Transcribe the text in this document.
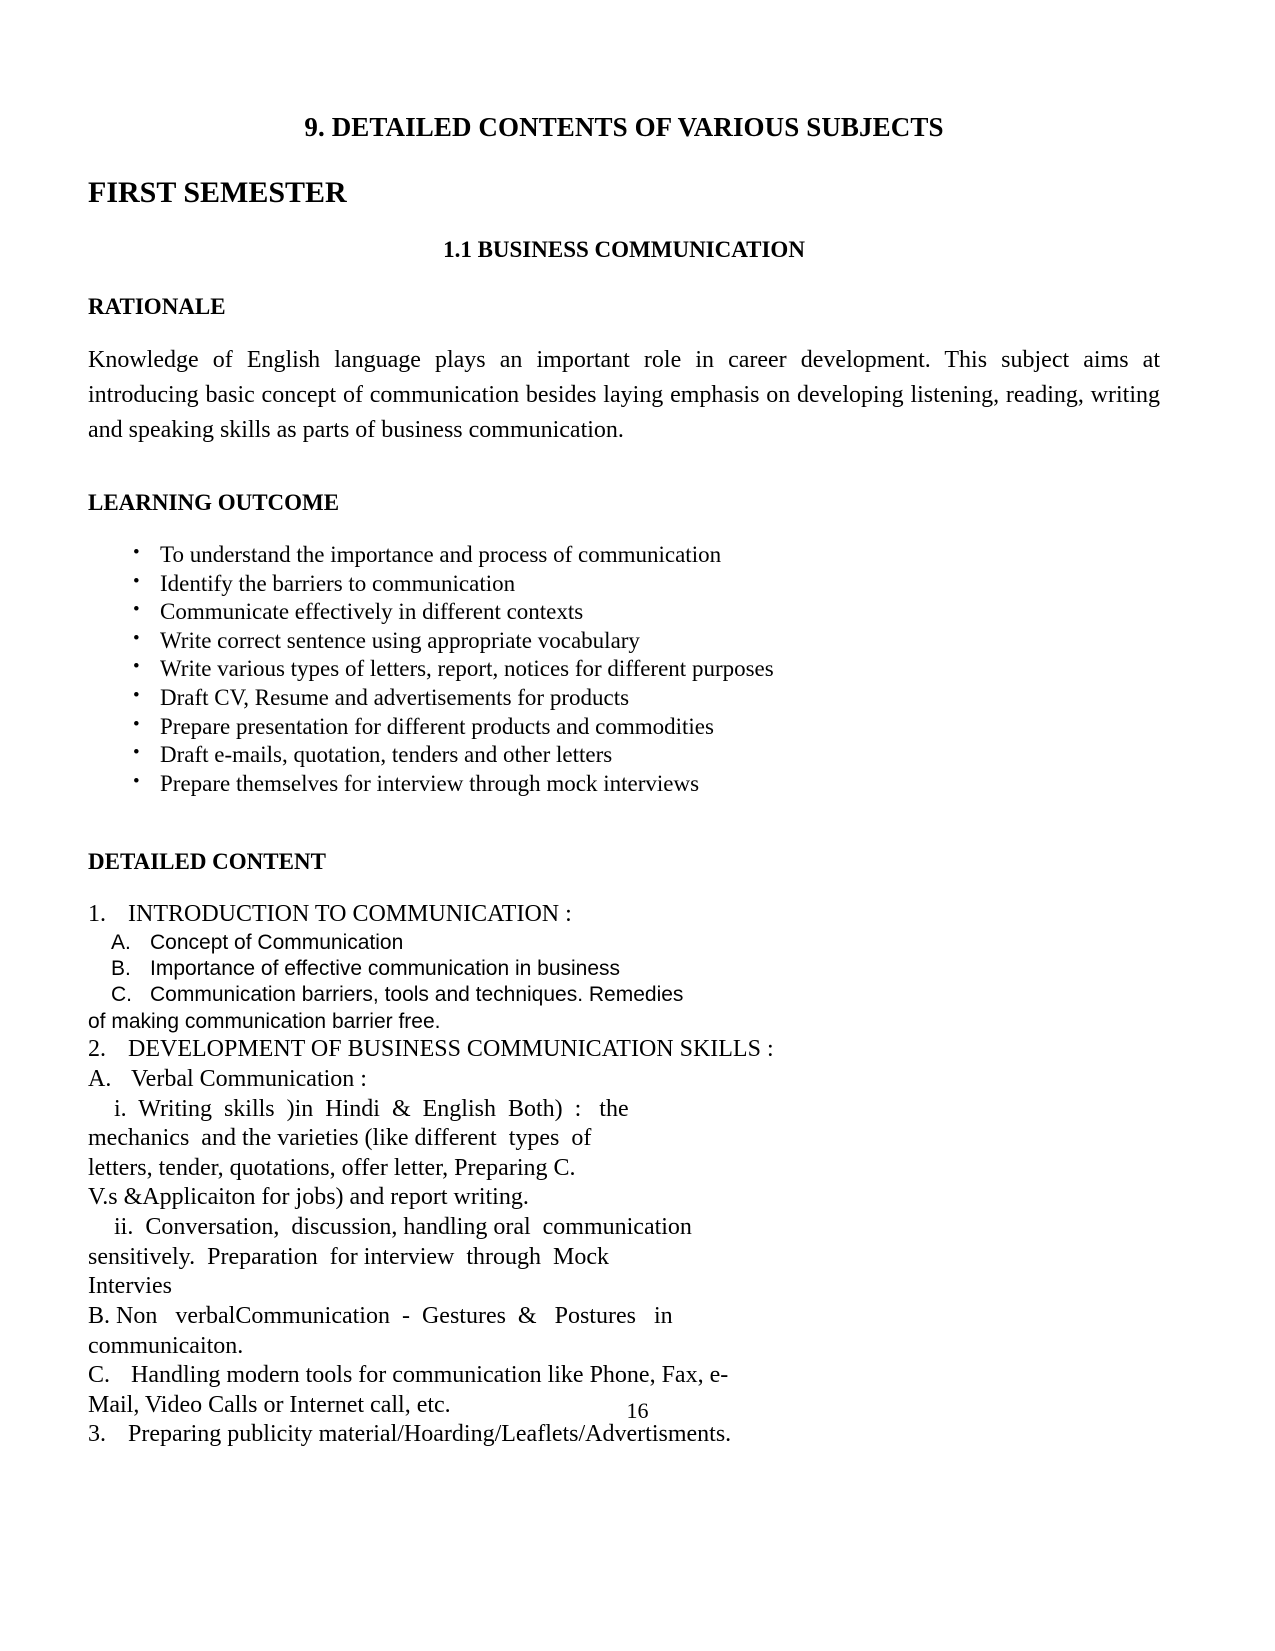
9. DETAILED CONTENTS OF VARIOUS SUBJECTS
FIRST SEMESTER
1.1 BUSINESS COMMUNICATION
RATIONALE

Knowledge of English language plays an important role in career development. This subject aims at introducing basic concept of communication besides laying emphasis on developing listening, reading, writing and speaking skills as parts of business communication.

LEARNING OUTCOME
• To understand the importance and process of communication
• Identify the barriers to communication
• Communicate effectively in different contexts
• Write correct sentence using appropriate vocabulary
• Write various types of letters, report, notices for different purposes
• Draft CV, Resume and advertisements for products
• Prepare presentation for different products and commodities
• Draft e-mails, quotation, tenders and other letters
• Prepare themselves for interview through mock interviews
DETAILED CONTENT

1. INTRODUCTION TO COMMUNICATION :

A. Concept of Communication

B. Importance of effective communication in business

C. Communication barriers, tools and techniques. Remedies

of making communication barrier free.

2. DEVELOPMENT OF BUSINESS COMMUNICATION SKILLS :

A. Verbal Communication :

i. Writing  skills  )in  Hindi  &  English  Both)  :   the

mechanics  and the varieties (like different  types  of

letters, tender, quotations, offer letter, Preparing C.

V.s &Applicaiton for jobs) and report writing.

ii. Conversation,  discussion, handling oral  communication

sensitively.  Preparation  for interview  through  Mock

Intervies

B. Non   verbalCommunication  -  Gestures  &   Postures   in

communicaiton.

C. Handling modern tools for communication like Phone, Fax, e-

Mail, Video Calls or Internet call, etc.

3. Preparing publicity material/Hoarding/Leaflets/Advertisments.

16
